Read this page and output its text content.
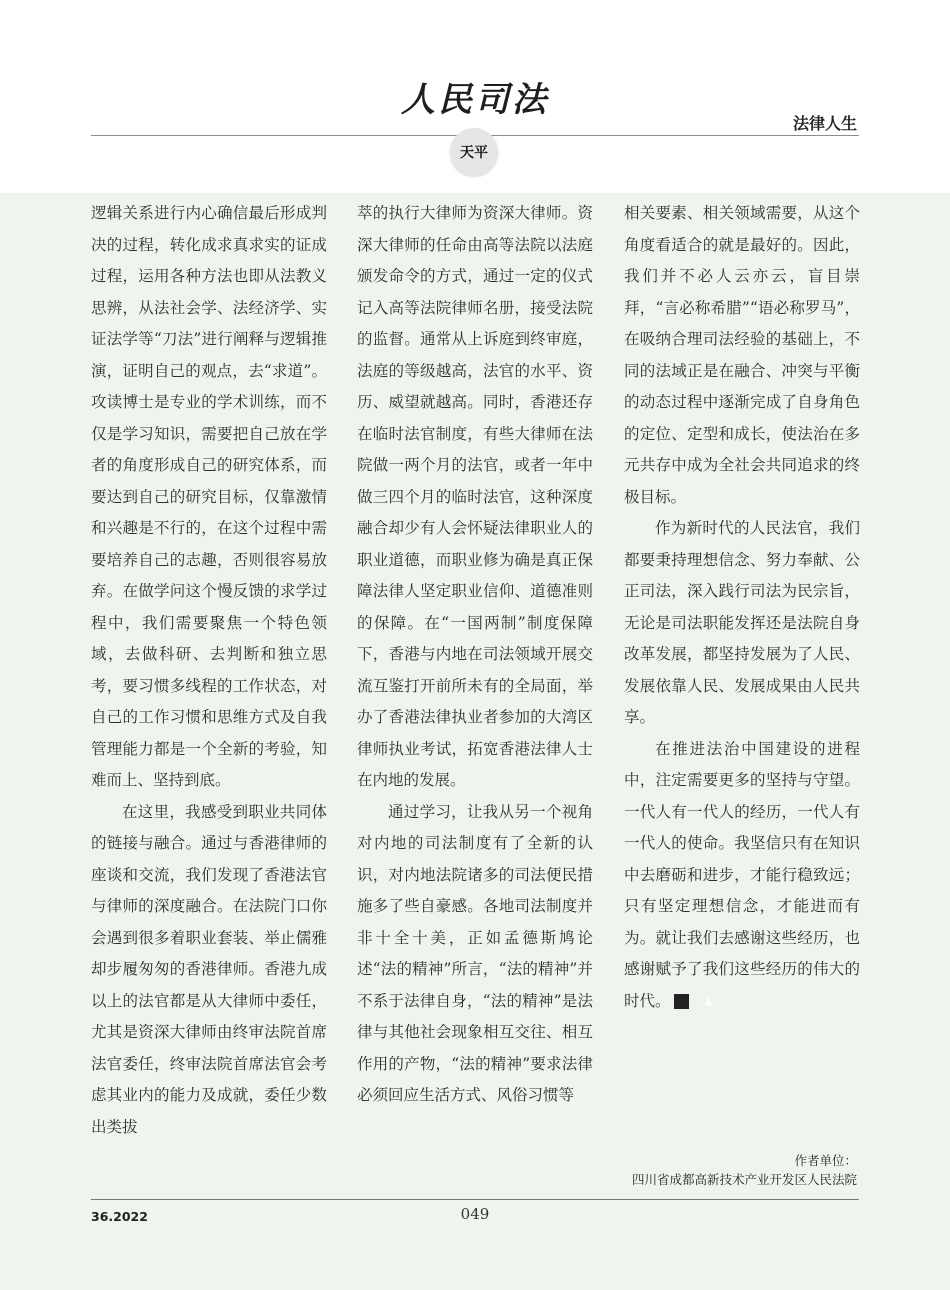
人民司法
法律人生
天平

逻辑关系进行内心确信最后形成判决的过程，转化成求真求实的证成过程，运用各种方法也即从法教义思辨，从法社会学、法经济学、实证法学等“刀法”进行阐释与逻辑推演，证明自己的观点，去“求道”。攻读博士是专业的学术训练，而不仅是学习知识，需要把自己放在学者的角度形成自己的研究体系，而要达到自己的研究目标，仅靠激情和兴趣是不行的，在这个过程中需要培养自己的志趣，否则很容易放弃。在做学问这个慢反馈的求学过程中，我们需要聚焦一个特色领域，去做科研、去判断和独立思考，要习惯多线程的工作状态，对自己的工作习惯和思维方式及自我管理能力都是一个全新的考验，知难而上、坚持到底。

在这里，我感受到职业共同体的链接与融合。通过与香港律师的座谈和交流，我们发现了香港法官与律师的深度融合。在法院门口你会遇到很多着职业套装、举止儒雅却步履匆匆的香港律师。香港九成以上的法官都是从大律师中委任，尤其是资深大律师由终审法院首席法官委任，终审法院首席法官会考虑其业内的能力及成就，委任少数出类拔

萃的执行大律师为资深大律师。资深大律师的任命由高等法院以法庭颁发命令的方式，通过一定的仪式记入高等法院律师名册，接受法院的监督。通常从上诉庭到终审庭，法庭的等级越高，法官的水平、资历、威望就越高。同时，香港还存在临时法官制度，有些大律师在法院做一两个月的法官，或者一年中做三四个月的临时法官，这种深度融合却少有人会怀疑法律职业人的职业道德，而职业修为确是真正保障法律人坚定职业信仰、道德准则的保障。在“一国两制”制度保障下，香港与内地在司法领域开展交流互鉴打开前所未有的全局面，举办了香港法律执业者参加的大湾区律师执业考试，拓宽香港法律人士在内地的发展。

通过学习，让我从另一个视角对内地的司法制度有了全新的认识，对内地法院诸多的司法便民措施多了些自豪感。各地司法制度并非十全十美，正如孟德斯鸠论述“法的精神”所言，“法的精神”并不系于法律自身，“法的精神”是法律与其他社会现象相互交往、相互作用的产物，“法的精神”要求法律必须回应生活方式、风俗习惯等

相关要素、相关领域需要，从这个角度看适合的就是最好的。因此，我们并不必人云亦云，盲目崇拜，“言必称希腊”“语必称罗马”，在吸纳合理司法经验的基础上，不同的法域正是在融合、冲突与平衡的动态过程中逐渐完成了自身角色的定位、定型和成长，使法治在多元共存中成为全社会共同追求的终极目标。

作为新时代的人民法官，我们都要秉持理想信念、努力奉献、公正司法，深入践行司法为民宗旨，无论是司法职能发挥还是法院自身改革发展，都坚持发展为了人民、发展依靠人民、发展成果由人民共享。

在推进法治中国建设的进程中，注定需要更多的坚持与守望。一代人有一代人的经历，一代人有一代人的使命。我坚信只有在知识中去磨砺和进步，才能行稳致远；只有坚定理想信念，才能进而有为。就让我们去感谢这些经历，也感谢赋予了我们这些经历的伟大的时代。	▲

作者单位：
四川省成都高新技术产业开发区人民法院
36.2022	049
